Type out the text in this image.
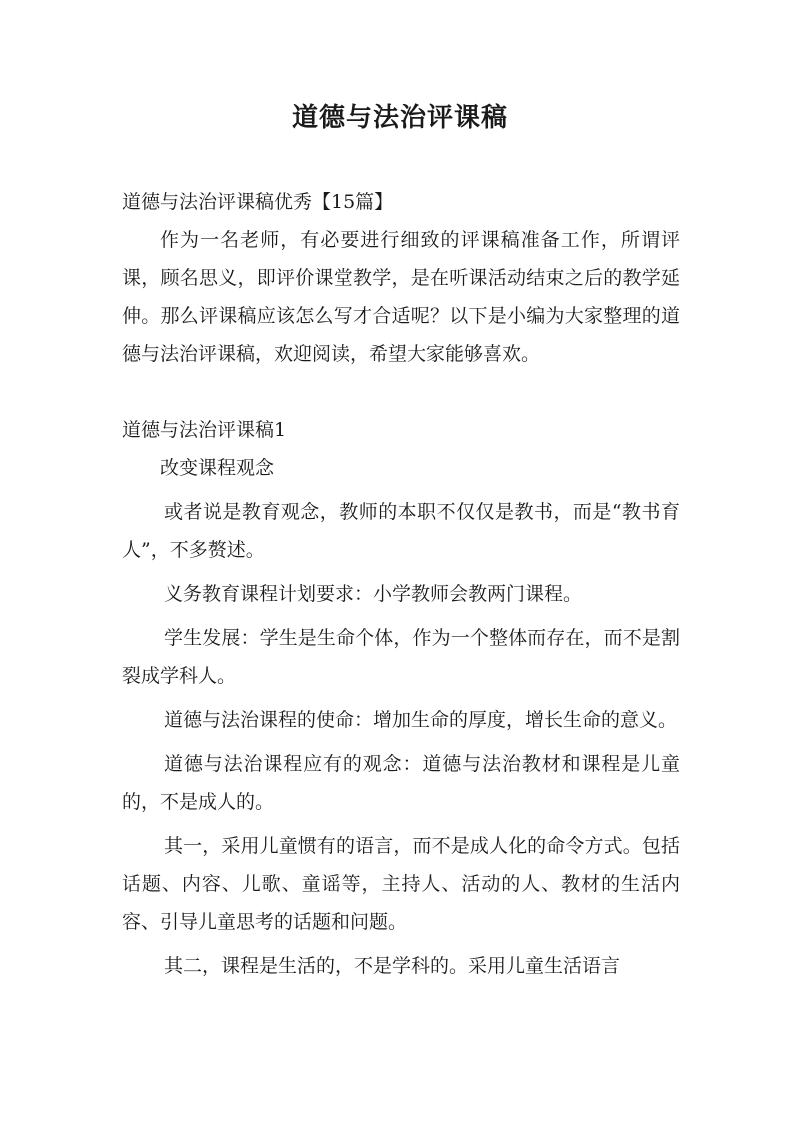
道德与法治评课稿

道德与法治评课稿优秀【15篇】

作为一名老师，有必要进行细致的评课稿准备工作，所谓评课，顾名思义，即评价课堂教学，是在听课活动结束之后的教学延伸。那么评课稿应该怎么写才合适呢？以下是小编为大家整理的道德与法治评课稿，欢迎阅读，希望大家能够喜欢。

道德与法治评课稿1

改变课程观念

或者说是教育观念，教师的本职不仅仅是教书，而是“教书育人”，不多赘述。

义务教育课程计划要求：小学教师会教两门课程。

学生发展：学生是生命个体，作为一个整体而存在，而不是割裂成学科人。

道德与法治课程的使命：增加生命的厚度，增长生命的意义。

道德与法治课程应有的观念：道德与法治教材和课程是儿童的，不是成人的。

其一，采用儿童惯有的语言，而不是成人化的命令方式。包括话题、内容、儿歌、童谣等，主持人、活动的人、教材的生活内容、引导儿童思考的话题和问题。

其二，课程是生活的，不是学科的。采用儿童生活语言
